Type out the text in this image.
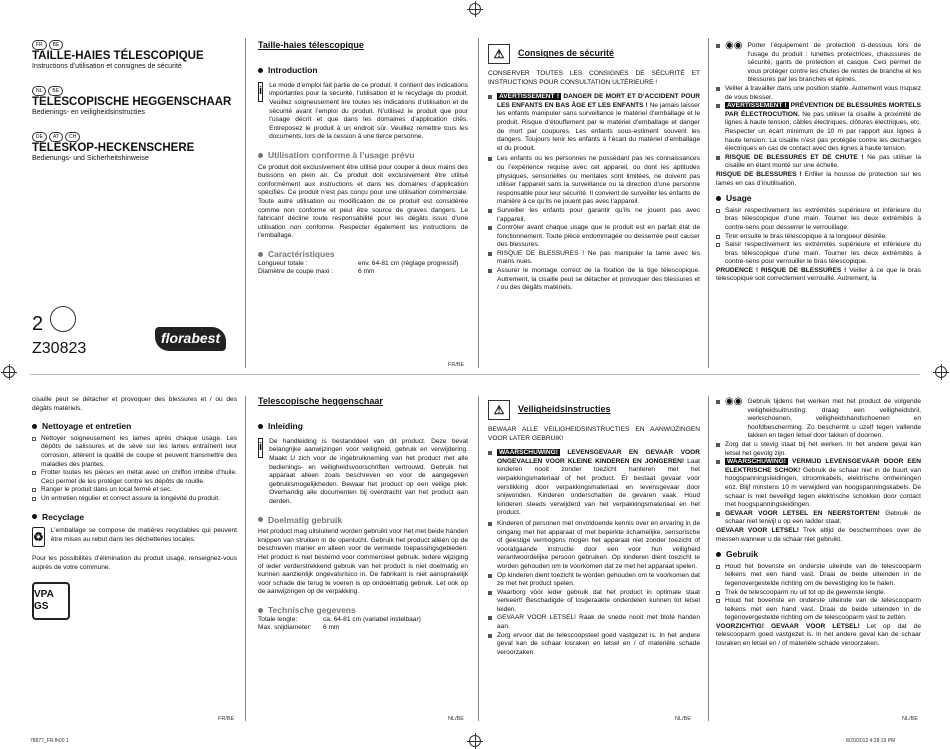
FR BE
TAILLE-HAIES TÉLESCOPIQUE
Instructions d’utilisation et consignes de sécurité
NL BE
TELESCOPISCHE HEGGENSCHAAR
Bedienings- en veiligheidsinstructies
DE AT CH
TELESKOP-HECKENSCHERE
Bedienungs- und Sicherheitshinweise
2
Z30823
florabest
Taille-haies télescopique
Introduction
i Le mode d’emploi fait partie de ce produit. Il contient des indications importantes pour la sécurité, l’utilisation et le recyclage du produit. Veuillez soigneusement lire toutes les indications d’utilisation et de sécurité avant l’emploi du produit. N’utilisez le produit que pour l’usage décrit et que dans les domaines d’application cités. Entreposez le produit à un endroit sûr. Veuillez remettre tous les documents, lors de la cession à une tierce personne.
Utilisation conforme à l’usage prévu
Ce produit doit exclusivement être utilisé pour couper à deux mains des buissons en plein air. Ce produit doit exclusivement être utilisé conformément aux instructions et dans les domaines d’application spécifiés. Ce produit n’est pas conçu pour une utilisation commerciale. Toute autre utilisation ou modification de ce produit est considérée comme non conforme et peut être source de graves dangers. Le fabricant décline toute responsabilité pour les dégâts issus d’une utilisation non conforme. Respecter également les instructions de l’emballage.
Caractéristiques
Longueur totale :	env. 64-81 cm (réglage progressif)
Diamètre de coupe maxi :	6 mm
FR/BE
⚠	Consignes de sécurité
CONSERVER TOUTES LES CONSIGNES DE SÉCURITÉ ET INSTRUCTIONS POUR CONSULTATION ULTÉRIEURE !
AVERTISSEMENT ! DANGER DE MORT ET D’ACCIDENT POUR LES ENFANTS EN BAS ÂGE ET LES ENFANTS ! Ne jamais laisser les enfants manipuler sans surveillance le matériel d’emballage et le produit. Risque d’étouffement par le matériel d’emballage et danger de mort par coupures. Les enfants sous-estiment souvent les dangers. Toujours tenir les enfants à l’écart du matériel d’emballage et du produit.
Les enfants ou les personnes ne possédant pas les connaissances ou l’expérience requise avec cet appareil, ou dont les aptitudes physiques, sensorielles ou mentales sont limitées, ne doivent pas utiliser l’appareil sans la surveillance ou la direction d’une personne responsable pour leur sécurité. Il convient de surveiller les enfants de manière à ce qu’ils ne jouent pas avec l’appareil.
Surveiller les enfants pour garantir qu’ils ne jouent pas avec l’appareil.
Contrôler avant chaque usage que le produit est en parfait état de fonctionnement. Toute pièce endommagée ou desserrée peut causer des blessures.
RISQUE DE BLESSURES ! Ne pas manipuler la lame avec les mains nues.
Assurer le montage correct de la fixation de la tige télescopique. Autrement, la cisaille peut se détacher et provoquer des blessures et / ou des dégâts matériels.
◉◉ Porter l’équipement de protection ci-dessous lors de l’usage du produit : lunettes protectrices, chaussures de sécurité, gants de protection et casque. Ceci permet de vous protéger contre les chutes de restes de branche et les blessures par les branches et épines.
Veiller à travailler dans une position stable. Autrement vous risquez de vous blesser.
AVERTISSEMENT ! PRÉVENTION DE BLESSURES MORTELS PAR ÉLECTROCUTION. Ne pas utiliser la cisaille à proximité de lignes à haute tension, câbles électriques, clôtures électriques, etc. Respecter un écart minimum de 10 m par rapport aux lignes à haute tension. La cisaille n’est pas protégée contre les décharges électriques en cas de contact avec des lignes à haute tension.
RISQUE DE BLESSURES ET DE CHUTE ! Ne pas utiliser la cisaille en étant monté sur une échelle.
RISQUE DE BLESSURES ! Enfiler la housse de protection sur les lames en cas d’inutilisation.
Usage
Saisir respectivement les extrémités supérieure et inférieure du bras télescopique d’une main. Tourner les deux extrémités à contre-sens pour desserrer le verrouillage.
Tirer ensuite le bras télescopique à la longueur désirée.
Saisir respectivement les extrémités supérieure et inférieure du bras télescopique d’une main. Tourner les deux extrémités à contre-sens pour verrouiller le bras télescopique.
PRUDENCE ! RISQUE DE BLESSURES ! Veiller à ce que le bras télescopique soit correctement verrouillé. Autrement, la
cisaille peut se détacher et provoquer des blessures et / ou des dégâts matériels.
Nettoyage et entretien
Nettoyer soigneusement les lames après chaque usage. Les dépôts de salissures et de sève sur les lames entraînent leur corrosion, altèrent la qualité de coupe et peuvent transmettre des maladies des plantes.
Frotter toutes les pièces en métal avec un chiffon imbibé d’huile. Ceci permet de les protéger contre les dépôts de rouille.
Ranger le produit dans un local fermé et sec.
Un entretien régulier et correct assure la longévité du produit.
Recyclage
♻ L’emballage se compose de matières recyclables qui peuvent être mises au rebut dans les déchetteries locales.
Pour les possibilités d’élimination du produit usagé, renseignez-vous auprès de votre commune.
VPA GS
FR/BE
Telescopische heggenschaar
Inleiding
i De handleiding is bestanddeel van dit product. Deze bevat belangrijke aanwijzingen voor veiligheid, gebruik en verwijdering. Maakt U zich voor de ingebruikneming van het product met alle bedienings- en veiligheidsvoorschriften vertrouwd. Gebruik het apparaat alleen zoals beschreven en voor de aangegeven gebruiksmogelijkheden. Bewaar het product op een veilige plek. Overhandig alle documenten bij overdracht van het product aan derden.
Doelmatig gebruik
Het product mag uitsluitend worden gebruikt voor het met beide handen knippen van struiken in de openlucht. Gebruik het product alléén op de beschreven manier en alleen voor de vermelde toepassingsgebieden. Het product is niet bestemd voor commercieel gebruik. Iedere wijziging of ieder verderstrekkend gebruik van het product is niet doelmatig en kunnen aanzienlijk ongevalsrisico in. De fabrikant is niet aansprakelijk voor schade die terug te voeren is op ondoelmatig gebruik. Let ook op de aanwijzingen op de verpakking.
Technische gegevens
Totale lengte:	ca. 64-81 cm (variabel instelbaar)
Max. snijdiameter:	6 mm
NL/BE
⚠	Veiligheidsinstructies
BEWAAR ALLE VEILIGHEIDSINSTRUCTIES EN AANWIJZINGEN VOOR LATER GEBRUIK!
WAARSCHUWING! LEVENSGEVAAR EN GEVAAR VOOR ONGEVALLEN VOOR KLEINE KINDEREN EN JONGEREN! Laat kinderen nooit zonder toezicht hanteren met het verpakkingsmateriaal of het product. Er bestaat gevaar voor verstikking door verpakkingsmateriaal en levensgevaar door snijwonden. Kinderen onderschatten de gevaren vaak. Houd kinderen steeds verwijderd van het verpakkingsmateriaal en het product.
Kinderen of personen met onvoldoende kennis over en ervaring in de omgang met het apparaat of met beperkte lichamelijke, sensorische of geestige vermogens mogen het apparaat niet zonder toezicht of voorafgaande instructie door een voor hun veiligheid verantwoordelijke persoon gebruiken. Op kinderen dient toezicht te worden gehouden om te voorkomen dat ze met het apparaat spelen.
Op kinderen dient toezicht te worden gehouden om te voorkomen dat ze met het product spelen.
Waarborg vóór ieder gebruik dat het product in optimale staat verkeert! Beschadigde of losgeraakte onderdelen kunnen tot letsel leiden.
GEVAAR VOOR LETSEL! Raak de snede nooit met blote handen aan.
Zorg ervoor dat de telescoopsteel goed vastgezet is. In het andere geval kan de schaar losraken en letsel en / of materiële schade veroorzaken.
NL/BE
◉◉ Gebruik tijdens het werken met het product de volgende veiligheidsuitrusting: draag een veiligheidsbril, werkschoenen, veiligheidshandschoenen en hoofdbescherming. Zo beschermt u uzelf tegen vallende takken en tegen letsel door takken of doornen.
Zorg dat u stevig staat bij het werken. In het andere geval kan letsel het gevolg zijn.
WAARSCHUWING! VERMIJD LEVENSGEVAAR DOOR EEN ELEKTRISCHE SCHOK! Gebruik de schaar niet in de buurt van hoogspanningsleidingen, stroomkabels, elektrische omheiningen enz. Blijf minstens 10 m verwijderd van hoogspanningskabels. De schaar is niet beveiligd tegen elektrische schokken door contact met hoogspanningsleidingen.
GEVAAR VOOR LETSEL EN NEERSTORTEN! Gebruik de schaar niet terwijl u op een ladder staat.
GEVAAR VOOR LETSEL! Trek altijd de beschermhoes over de messen wanneer u de schaar niet gebruikt.
Gebruik
Houd het bovenste en onderste uiteinde van de telescooparm telkens met een hand vast. Draai de beide uiteinden in de tegenovergestelde richting om de bevestiging los te halen.
Trek de telescooparm nu uit tot op de gewenste lengte.
Houd het bovenste en onderste uiteinde van de telescooparm telkens met een hand vast. Draai de beide uiteinden in de tegenovergestelde richting om de telescooparm vast te zetten.
VOORZICHTIG! GEVAAR VOOR LETSEL! Let op dat de telescooparm goed vastgezet is. In het andere geval kan de schaar losraken en letsel en / of materiële schade veroorzaken.
NL/BE
78877_FR.fh00 1	8/20/2012 4:28:19 PM
